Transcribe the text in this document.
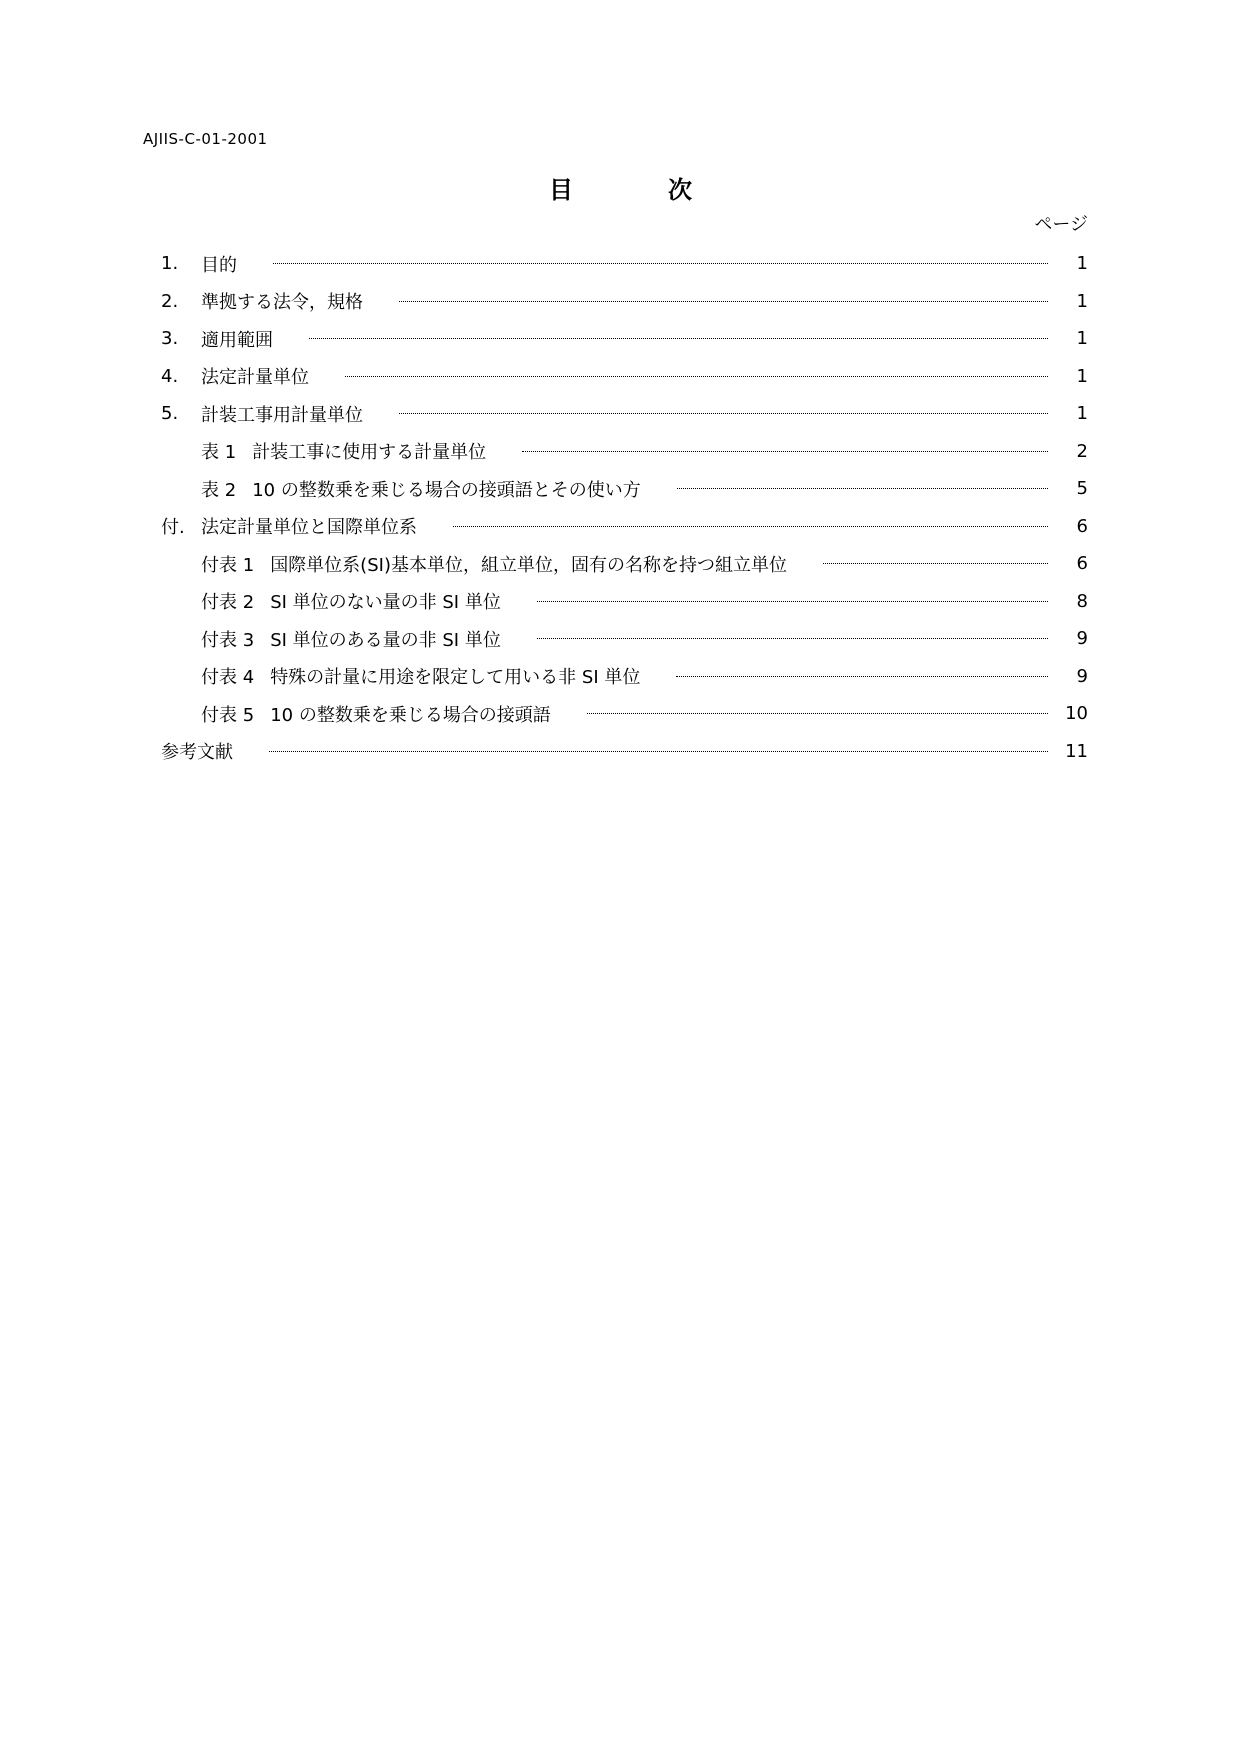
AJIIS-C-01-2001
目	次
ページ
1.	目的	1
2.	準拠する法令，規格	1
3.	適用範囲	1
4.	法定計量単位	1
5.	計装工事用計量単位	1
表 1 計装工事に使用する計量単位	2
表 2 10 の整数乗を乗じる場合の接頭語とその使い方	5
付. 法定計量単位と国際単位系	6
付表 1 国際単位系(SI)基本単位，組立単位，固有の名称を持つ組立単位	6
付表 2 SI 単位のない量の非 SI 単位	8
付表 3 SI 単位のある量の非 SI 単位	9
付表 4 特殊の計量に用途を限定して用いる非 SI 単位	9
付表 5 10 の整数乗を乗じる場合の接頭語	10
参考文献	11
